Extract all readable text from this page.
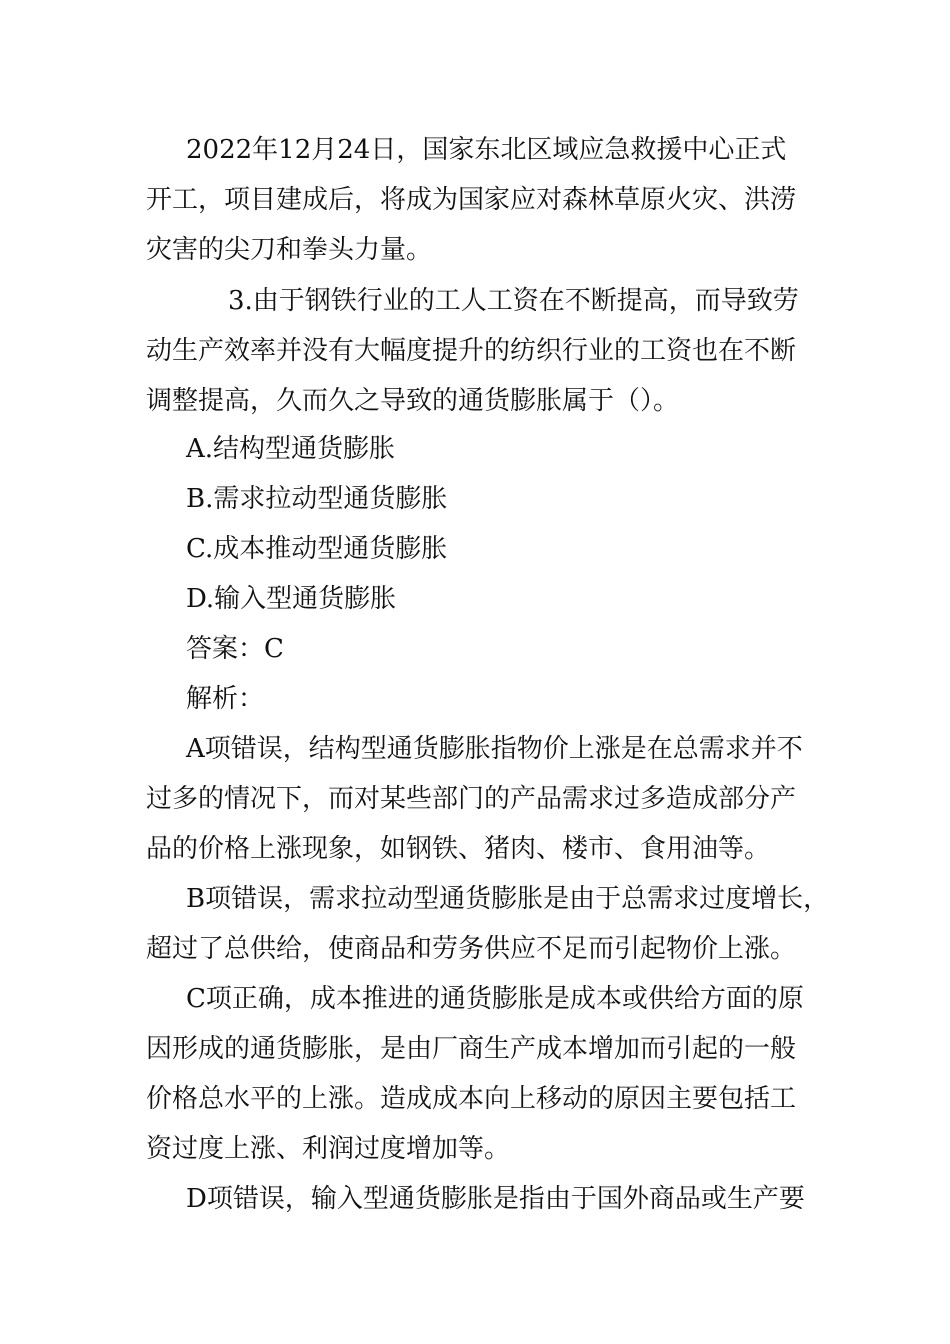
2022年12月24日，国家东北区域应急救援中心正式

开工，项目建成后，将成为国家应对森林草原火灾、洪涝

灾害的尖刀和拳头力量。

3.由于钢铁行业的工人工资在不断提高，而导致劳

动生产效率并没有大幅度提升的纺织行业的工资也在不断

调整提高，久而久之导致的通货膨胀属于（）。

A.结构型通货膨胀

B.需求拉动型通货膨胀

C.成本推动型通货膨胀

D.输入型通货膨胀

答案：C

解析：

A项错误，结构型通货膨胀指物价上涨是在总需求并不

过多的情况下，而对某些部门的产品需求过多造成部分产

品的价格上涨现象，如钢铁、猪肉、楼市、食用油等。

B项错误，需求拉动型通货膨胀是由于总需求过度增长，

超过了总供给，使商品和劳务供应不足而引起物价上涨。

C项正确，成本推进的通货膨胀是成本或供给方面的原

因形成的通货膨胀，是由厂商生产成本增加而引起的一般

价格总水平的上涨。造成成本向上移动的原因主要包括工

资过度上涨、利润过度增加等。

D项错误，输入型通货膨胀是指由于国外商品或生产要
